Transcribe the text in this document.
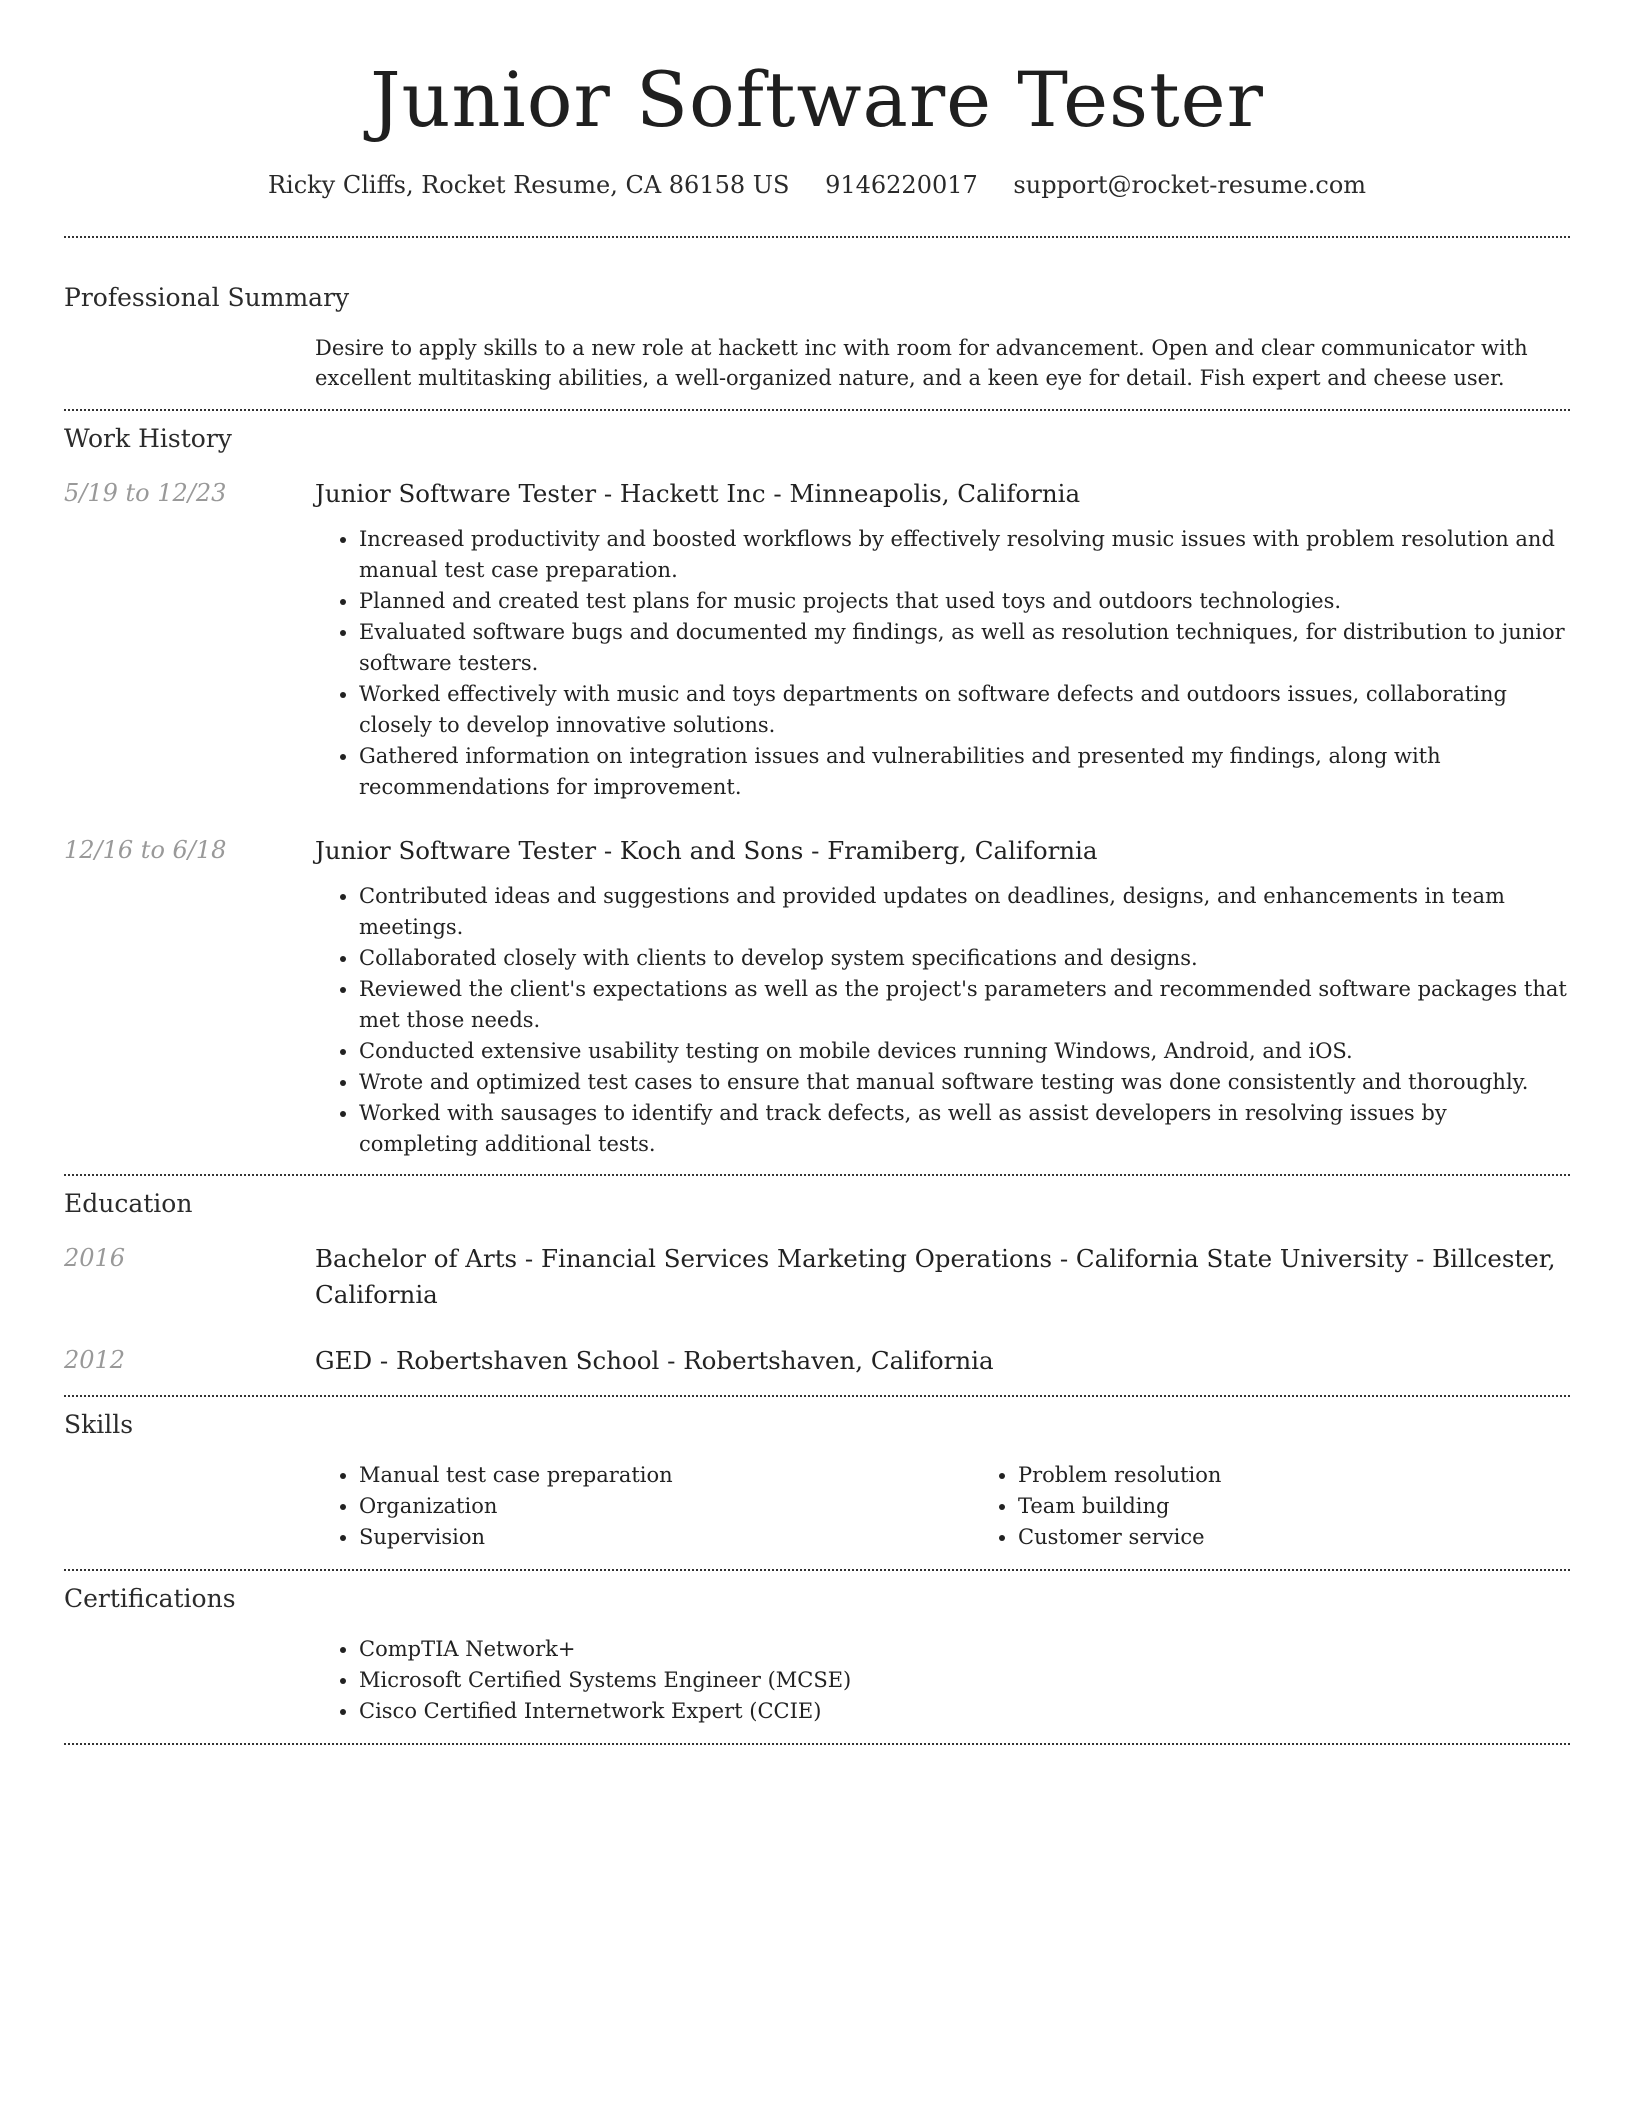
Junior Software Tester
Ricky Cliffs, Rocket Resume, CA 86158 US 9146220017 support@rocket-resume.com
Professional Summary
Desire to apply skills to a new role at hackett inc with room for advancement. Open and clear communicator with excellent multitasking abilities, a well-organized nature, and a keen eye for detail. Fish expert and cheese user.
Work History
5/19 to 12/23	Junior Software Tester - Hackett Inc - Minneapolis, California
• Increased productivity and boosted workflows by effectively resolving music issues with problem resolution and manual test case preparation.
• Planned and created test plans for music projects that used toys and outdoors technologies.
• Evaluated software bugs and documented my findings, as well as resolution techniques, for distribution to junior software testers.
• Worked effectively with music and toys departments on software defects and outdoors issues, collaborating closely to develop innovative solutions.
• Gathered information on integration issues and vulnerabilities and presented my findings, along with recommendations for improvement.
12/16 to 6/18	Junior Software Tester - Koch and Sons - Framiberg, California
• Contributed ideas and suggestions and provided updates on deadlines, designs, and enhancements in team meetings.
• Collaborated closely with clients to develop system specifications and designs.
• Reviewed the client's expectations as well as the project's parameters and recommended software packages that met those needs.
• Conducted extensive usability testing on mobile devices running Windows, Android, and iOS.
• Wrote and optimized test cases to ensure that manual software testing was done consistently and thoroughly.
• Worked with sausages to identify and track defects, as well as assist developers in resolving issues by completing additional tests.
Education
2016	Bachelor of Arts - Financial Services Marketing Operations - California State University - Billcester, California
2012	GED - Robertshaven School - Robertshaven, California
Skills
• Manual test case preparation
• Organization
• Supervision
• Problem resolution
• Team building
• Customer service
Certifications
• CompTIA Network+
• Microsoft Certified Systems Engineer (MCSE)
• Cisco Certified Internetwork Expert (CCIE)
